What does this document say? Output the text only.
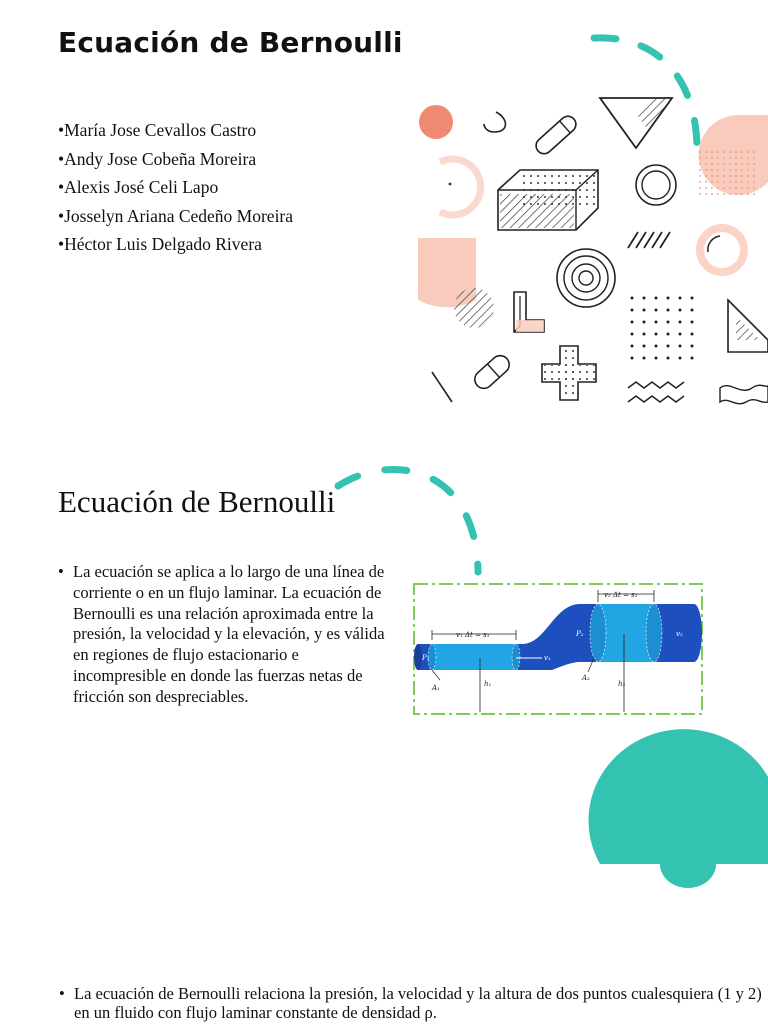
Ecuación de Bernoulli
•María Jose Cevallos Castro
•Andy Jose Cobeña Moreira
•Alexis José Celi Lapo
•Josselyn Ariana Cedeño Moreira
•Héctor Luis Delgado Rivera
Ecuación de Bernoulli
• La ecuación se aplica a lo largo de una línea de corriente o en un flujo laminar. La ecuación de Bernoulli es una relación aproximada entre la presión, la velocidad y la elevación, y es válida en regiones de flujo estacionario e incompresible en donde las fuerzas netas de fricción son despreciables.
v₁ Δt = s₁
v₂ Δt = s₂
v₁
v₂
P₁
P₂
h₁	h₂
A₁
A₂
• La ecuación de Bernoulli relaciona la presión, la velocidad y la altura de dos puntos cualesquiera (1 y 2) en un fluido con flujo laminar constante de densidad ρ.
